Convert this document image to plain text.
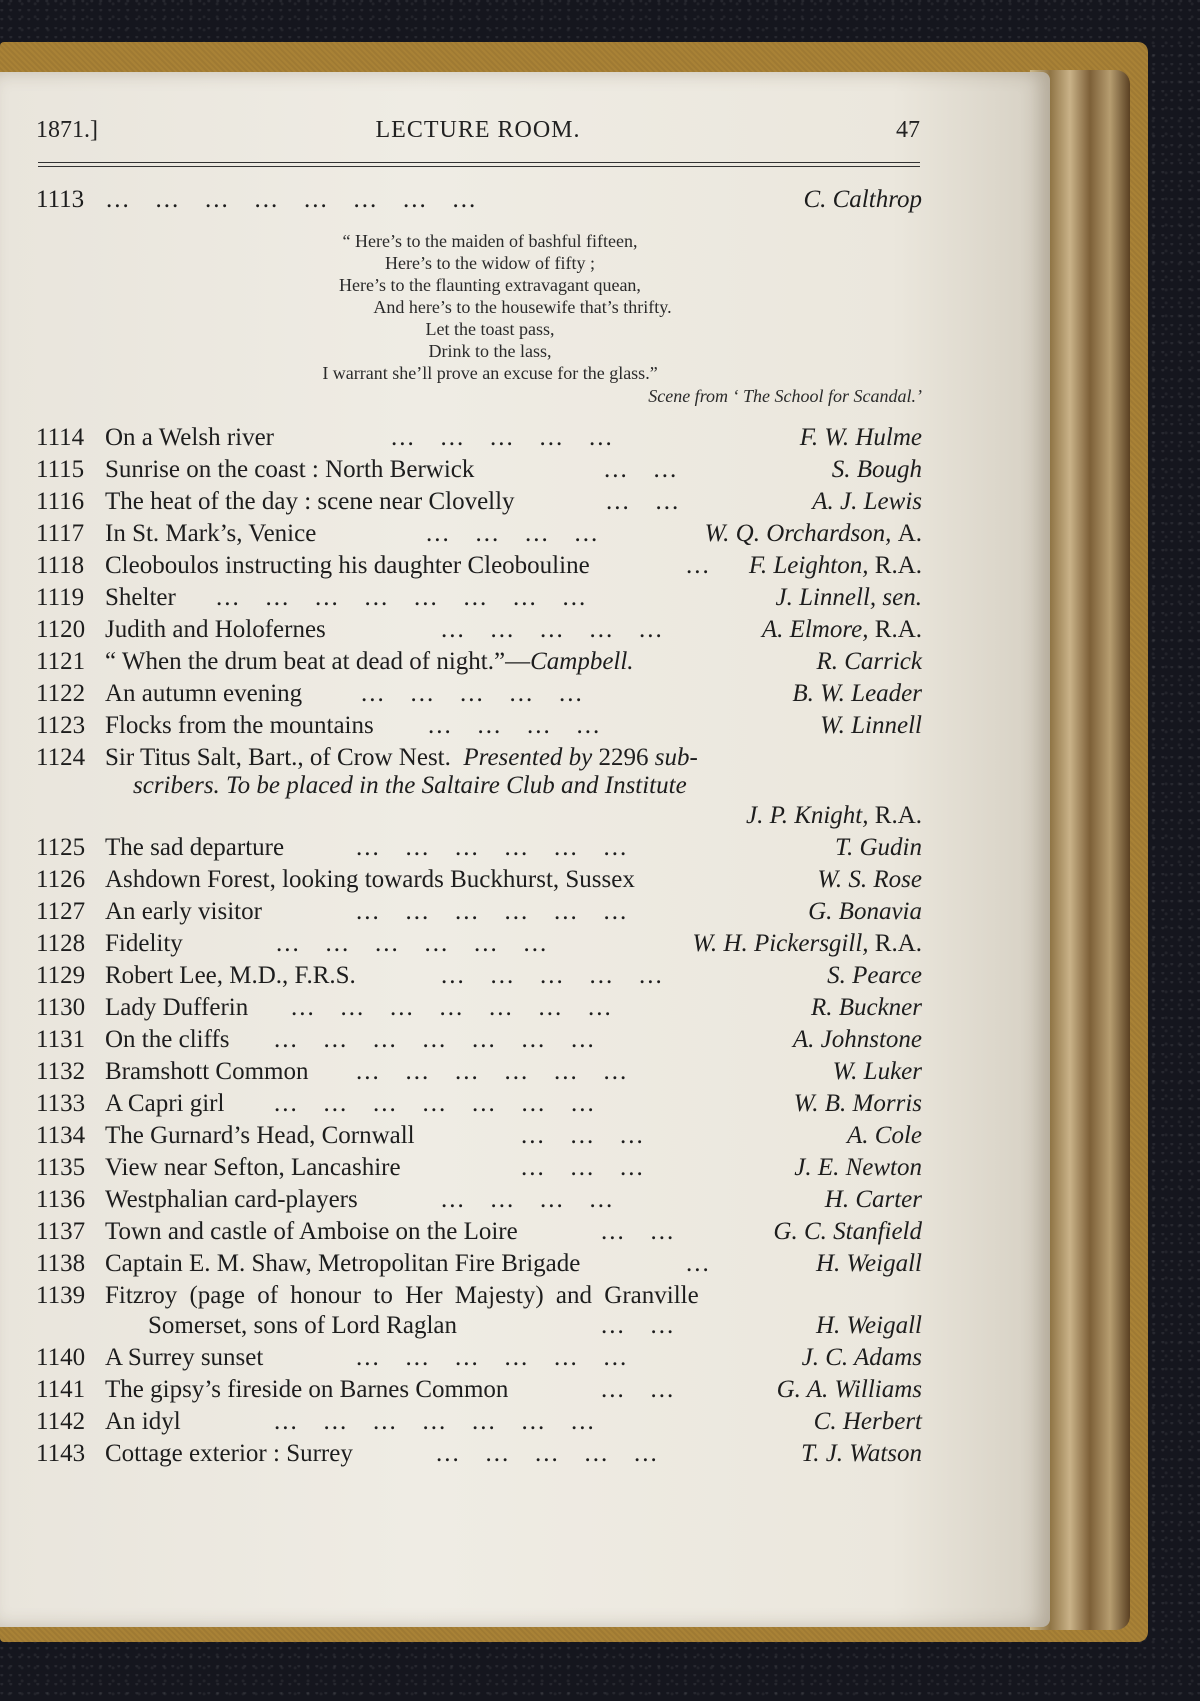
1871.]	LECTURE ROOM.	47
1113 ...   ...   ...   ...   ...   ...   ...   ...	C. Calthrop
“ Here’s to the maiden of bashful fifteen,
Here’s to the widow of fifty ;
Here’s to the flaunting extravagant quean,
And here’s to the housewife that’s thrifty.
Let the toast pass,
Drink to the lass,
I warrant she’ll prove an excuse for the glass.”
Scene from ‘ The School for Scandal.’
1114 On a Welsh river	...   ...   ...   ...   ...	F. W. Hulme
1115 Sunrise on the coast : North Berwick	...   ...	S. Bough
1116 The heat of the day : scene near Clovelly	...   ...	A. J. Lewis
1117 In St. Mark’s, Venice	...   ...   ...   ...	W. Q. Orchardson, A.
1118 Cleoboulos instructing his daughter Cleobouline	... F. Leighton, R.A.
1119 Shelter ...   ...   ...   ...   ...   ...   ...   ...	J. Linnell, sen.
1120 Judith and Holofernes	...   ...   ...   ...   ...	A. Elmore, R.A.
1121 “ When the drum beat at dead of night.”—Campbell.	R. Carrick
1122 An autumn evening ...   ...   ...   ...   ...	B. W. Leader
1123 Flocks from the mountains ...   ...   ...   ...	W. Linnell
1124 Sir Titus Salt, Bart., of Crow Nest. Presented by 2296 sub-
scribers. To be placed in the Saltaire Club and Institute
J. P. Knight, R.A.
1125 The sad departure	...   ...   ...   ...   ...   ...	T. Gudin
1126 Ashdown Forest, looking towards Buckhurst, Sussex	W. S. Rose
1127 An early visitor	...   ...   ...   ...   ...   ...	G. Bonavia
1128 Fidelity	...   ...   ...   ...   ...   ...	W. H. Pickersgill, R.A.
1129 Robert Lee, M.D., F.R.S.	...   ...   ...   ...   ...	S. Pearce
1130 Lady Dufferin ...   ...   ...   ...   ...   ...   ...	R. Buckner
1131 On the cliffs ...   ...   ...   ...   ...   ...   ...	A. Johnstone
1132 Bramshott Common ...   ...   ...   ...   ...   ...	W. Luker
1133 A Capri girl ...   ...   ...   ...   ...   ...   ...	W. B. Morris
1134 The Gurnard’s Head, Cornwall	...   ...   ...	A. Cole
1135 View near Sefton, Lancashire	...   ...   ...	J. E. Newton
1136 Westphalian card-players	...   ...   ...   ...	H. Carter
1137 Town and castle of Amboise on the Loire	...   ...	G. C. Stanfield
1138 Captain E. M. Shaw, Metropolitan Fire Brigade	...	H. Weigall
1139 Fitzroy (page of honour to Her Majesty) and Granville
Somerset, sons of Lord Raglan	...   ...	H. Weigall
1140 A Surrey sunset	...   ...   ...   ...   ...   ...	J. C. Adams
1141 The gipsy’s fireside on Barnes Common	...   ...	G. A. Williams
1142 An idyl	...   ...   ...   ...   ...   ...   ...	C. Herbert
1143 Cottage exterior : Surrey	...   ...   ...   ...   ...	T. J. Watson
